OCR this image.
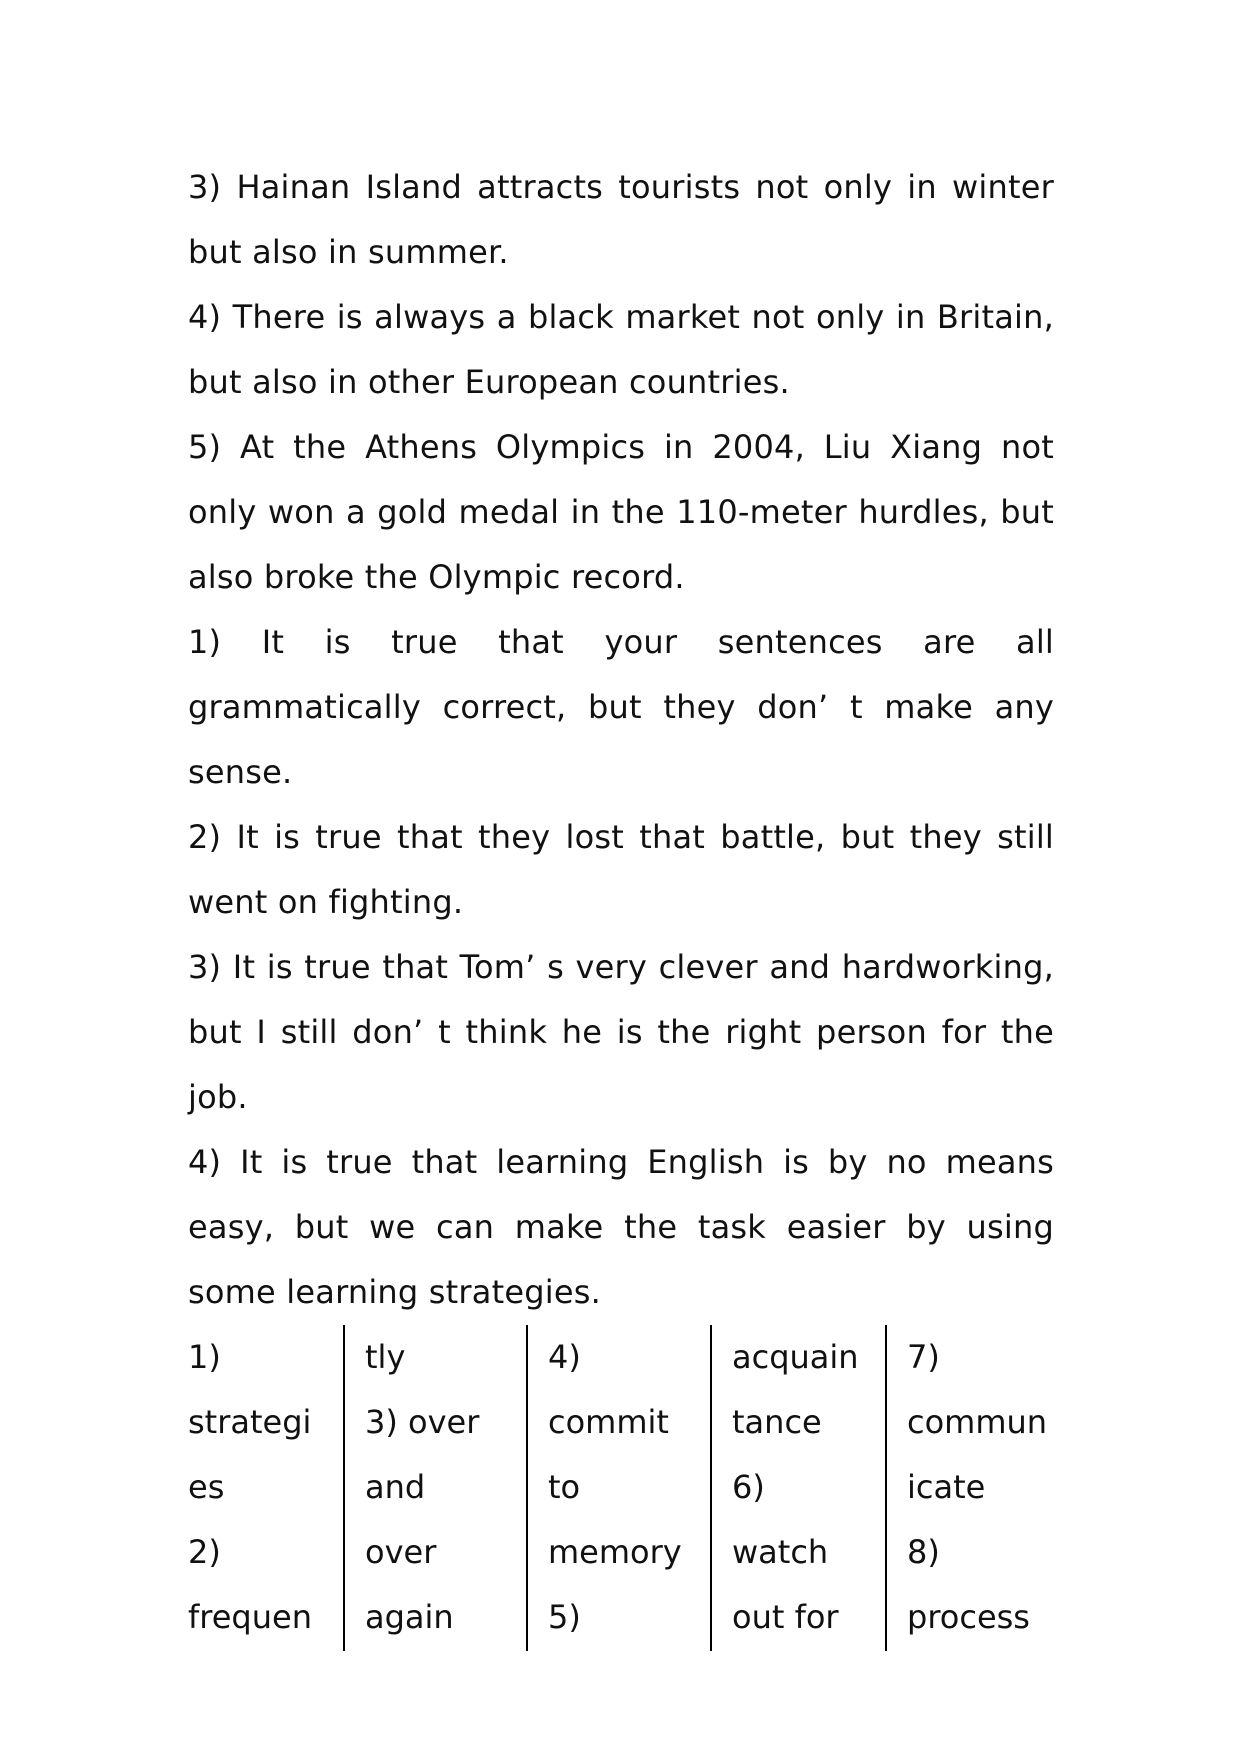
3) Hainan Island attracts tourists not only in winter but also in summer.

4) There is always a black market not only in Britain, but also in other European countries.

5) At the Athens Olympics in 2004, Liu Xiang not only won a gold medal in the 110-meter hurdles, but also broke the Olympic record.

1) It is true that your sentences are all grammatically correct, but they don’ t make any sense.

2) It is true that they lost that battle, but they still went on fighting.

3) It is true that Tom’ s very clever and hardworking, but I still don’ t think he is the right person for the job.

4) It is true that learning English is by no means easy, but we can make the task easier by using some learning strategies.

1)
strategi
es
2)
frequen
tly
3) over
and
over
again
4)
commit
to
memory
5)
acquain
tance
6)
watch
out for
7)
commun
icate
8)
process
